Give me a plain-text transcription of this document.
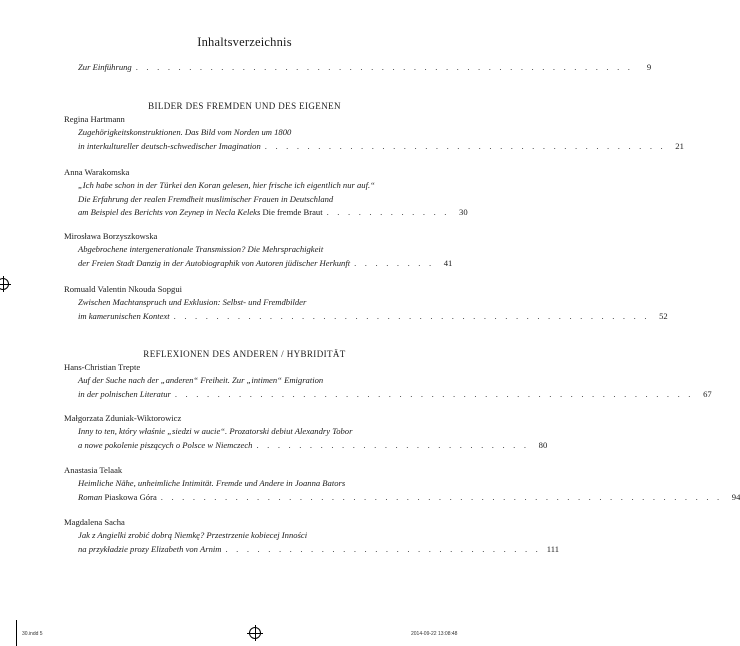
Inhaltsverzeichnis
Zur Einführung . . . . . . . . . . . . . . . . . . . . . . . . . . . . . . . . . . . . . . . . . . . . . . .	9
BILDER DES FREMDEN UND DES EIGENEN
Regina Hartmann
Zugehörigkeitskonstruktionen. Das Bild vom Norden um 1800
in interkultureller deutsch-schwedischer Imagination . . . . . . . . . . . . . . . . . . . . . . . . . . . . . . . . . . . . . .	21
Anna Warakomska
„Ich habe schon in der Türkei den Koran gelesen, hier frische ich eigentlich nur auf.“
Die Erfahrung der realen Fremdheit muslimischer Frauen in Deutschland
am Beispiel des Berichts von Zeynep in Necla Keleks Die fremde Braut . . . . . . . . . . . .	30
Mirosława Borzyszkowska
Abgebrochene intergenerationale Transmission? Die Mehrsprachigkeit
der Freien Stadt Danzig in der Autobiographik von Autoren jüdischer Herkunft . . . . . . . .	41
Romuald Valentin Nkouda Sopgui
Zwischen Machtanspruch und Exklusion: Selbst- und Fremdbilder
im kamerunischen Kontext . . . . . . . . . . . . . . . . . . . . . . . . . . . . . . . . . . . . . . . . . . . . .	52
REFLEXIONEN DES ANDEREN / HYBRIDITÄT
Hans-Christian Trepte
Auf der Suche nach der „anderen“ Freiheit. Zur „intimen“ Emigration
in der polnischen Literatur . . . . . . . . . . . . . . . . . . . . . . . . . . . . . . . . . . . . . . . . . . . . . . . . .	67
Małgorzata Zduniak-Wiktorowicz
Inny to ten, który właśnie „siedzi w aucie“. Prozatorski debiut Alexandry Tobor
a nowe pokolenie piszących o Polsce w Niemczech . . . . . . . . . . . . . . . . . . . . . . . . . .	80
Anastasia Telaak
Heimliche Nähe, unheimliche Intimität. Fremde und Andere in Joanna Bators
Roman Piaskowa Góra . . . . . . . . . . . . . . . . . . . . . . . . . . . . . . . . . . . . . . . . . . . . . . . . . . . . .	94
Magdalena Sacha
Jak z Angielki zrobić dobrą Niemkę? Przestrzenie kobiecej Inności
na przykładzie prozy Elizabeth von Arnim . . . . . . . . . . . . . . . . . . . . . . . . . . . . . . 111
30.indd 5	2014-09-22 13:08:48
